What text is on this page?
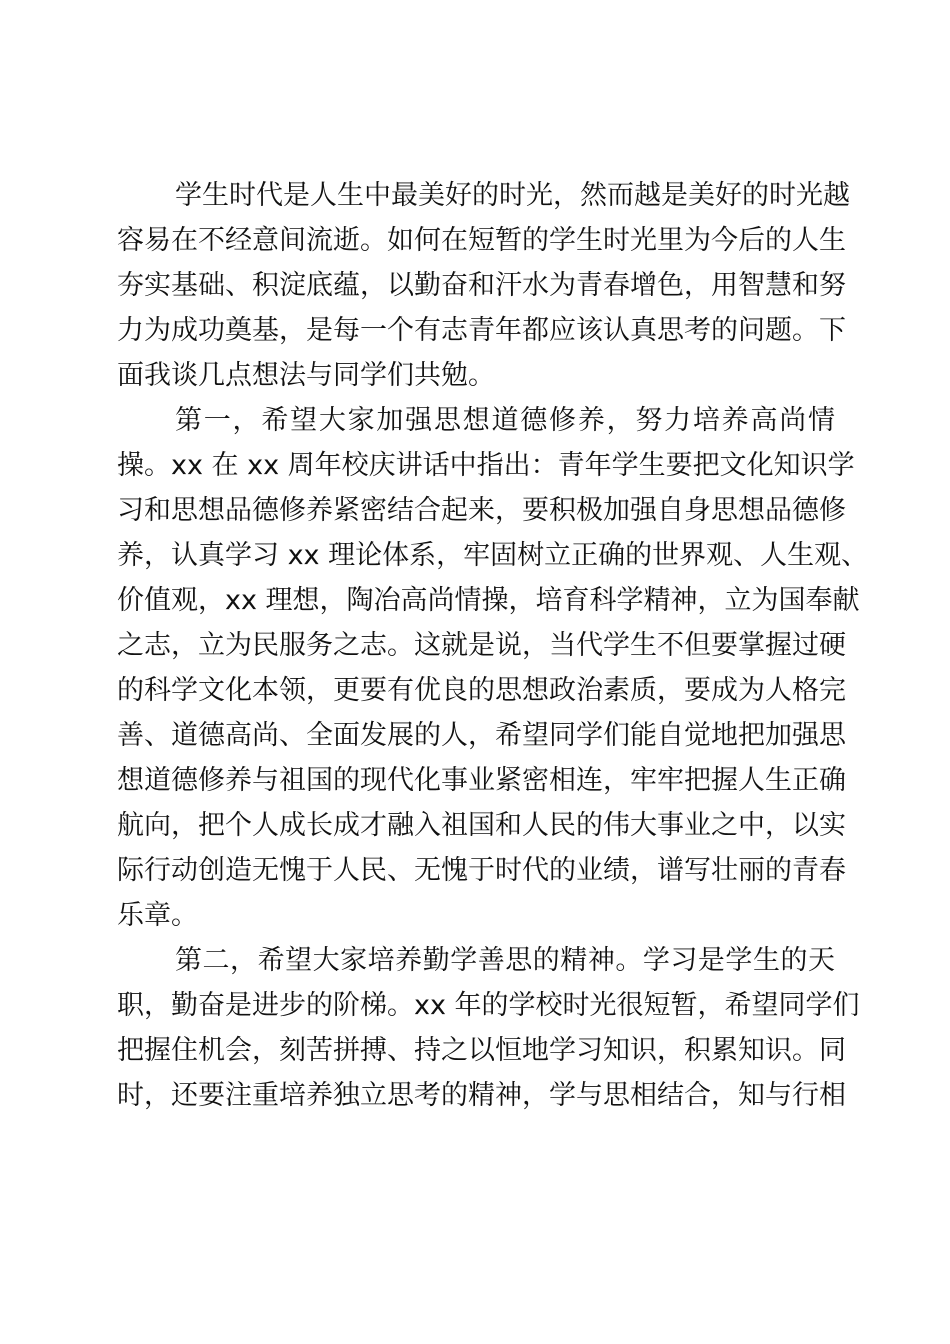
学生时代是人生中最美好的时光，然而越是美好的时光越
容易在不经意间流逝。如何在短暂的学生时光里为今后的人生
夯实基础、积淀底蕴，以勤奋和汗水为青春增色，用智慧和努
力为成功奠基，是每一个有志青年都应该认真思考的问题。下
面我谈几点想法与同学们共勉。
第一，希望大家加强思想道德修养，努力培养高尚情
操。xx 在 xx 周年校庆讲话中指出：青年学生要把文化知识学
习和思想品德修养紧密结合起来，要积极加强自身思想品德修
养，认真学习 xx 理论体系，牢固树立正确的世界观、人生观、
价值观，xx 理想，陶冶高尚情操，培育科学精神，立为国奉献
之志，立为民服务之志。这就是说，当代学生不但要掌握过硬
的科学文化本领，更要有优良的思想政治素质，要成为人格完
善、道德高尚、全面发展的人，希望同学们能自觉地把加强思
想道德修养与祖国的现代化事业紧密相连，牢牢把握人生正确
航向，把个人成长成才融入祖国和人民的伟大事业之中，以实
际行动创造无愧于人民、无愧于时代的业绩，谱写壮丽的青春
乐章。
第二，希望大家培养勤学善思的精神。学习是学生的天
职，勤奋是进步的阶梯。xx 年的学校时光很短暂，希望同学们
把握住机会，刻苦拼搏、持之以恒地学习知识，积累知识。同
时，还要注重培养独立思考的精神，学与思相结合，知与行相
